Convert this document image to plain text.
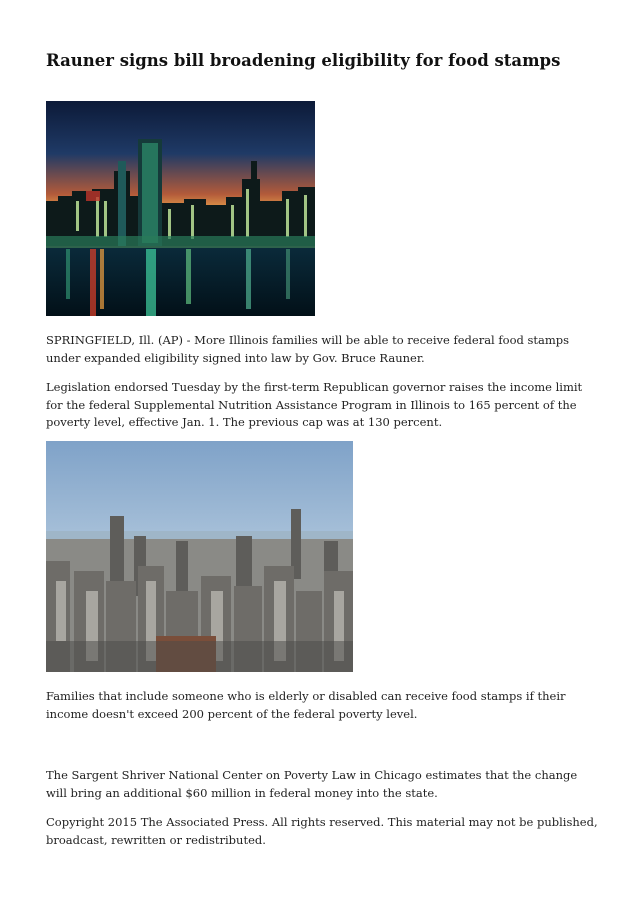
Rauner signs bill broadening eligibility for food stamps

SPRINGFIELD, Ill. (AP) - More Illinois families will be able to receive federal food stamps under expanded eligibility signed into law by Gov. Bruce Rauner.

Legislation endorsed Tuesday by the first-term Republican governor raises the income limit for the federal Supplemental Nutrition Assistance Program in Illinois to 165 percent of the poverty level, effective Jan. 1. The previous cap was at 130 percent.

Families that include someone who is elderly or disabled can receive food stamps if their income doesn't exceed 200 percent of the federal poverty level.

The Sargent Shriver National Center on Poverty Law in Chicago estimates that the change will bring an additional $60 million in federal money into the state.

Copyright 2015 The Associated Press. All rights reserved. This material may not be published, broadcast, rewritten or redistributed.
